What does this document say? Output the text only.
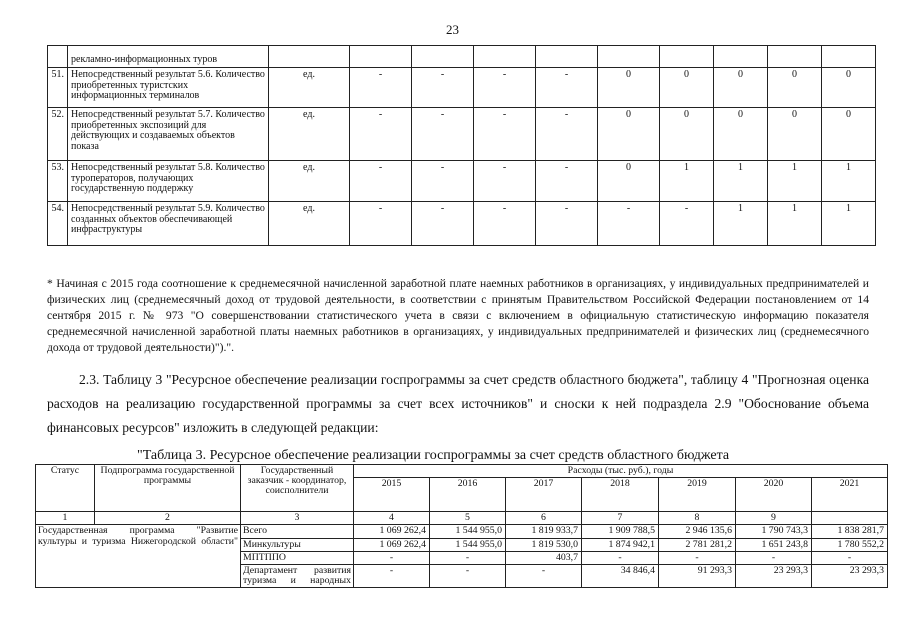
23
	рекламно-информационных туров										
51.	Непосредственный результат 5.6. Количество приобретенных туристских информационных терминалов	ед.	-	-	-	-	0	0	0	0	0
52.	Непосредственный результат 5.7. Количество приобретенных экспозиций для действующих и создаваемых объектов показа	ед.	-	-	-	-	0	0	0	0	0
53.	Непосредственный результат 5.8. Количество туроператоров, получающих государственную поддержку	ед.	-	-	-	-	0	1	1	1	1
54.	Непосредственный результат 5.9. Количество созданных объектов обеспечивающей инфраструктуры	ед.	-	-	-	-	-	-	1	1	1
* Начиная с 2015 года соотношение к среднемесячной начисленной заработной плате наемных работников в организациях, у индивидуальных предпринимателей и физических лиц (среднемесячный доход от трудовой деятельности, в соответствии с принятым Правительством Российской Федерации постановлением от 14 сентября 2015 г. № 973 "О совершенствовании статистического учета в связи с включением в официальную статистическую информацию показателя среднемесячной начисленной заработной платы наемных работников в организациях, у индивидуальных предпринимателей и физических лиц (среднемесячного дохода от трудовой деятельности)").".
2.3. Таблицу 3 "Ресурсное обеспечение реализации госпрограммы за счет средств областного бюджета", таблицу 4 "Прогнозная оценка расходов на реализацию государственной программы за счет всех источников" и сноски к ней подраздела 2.9 "Обоснование объема финансовых ресурсов" изложить в следующей редакции:
"Таблица 3. Ресурсное обеспечение реализации госпрограммы за счет средств областного бюджета
Статус	Подпрограмма государственной программы	Государственный заказчик - координатор, соисполнители	Расходы (тыс. руб.), годы						
			2015	2016	2017	2018	2019	2020	2021
1	2	3	4	5	6	7	8	9	
Государственная программа "Развитие культуры и туризма Нижегородской области"		Всего	1 069 262,4	1 544 955,0	1 819 933,7	1 909 788,5	2 946 135,6	1 790 743,3	1 838 281,7
		Минкультуры	1 069 262,4	1 544 955,0	1 819 530,0	1 874 942,1	2 781 281,2	1 651 243,8	1 780 552,2
		МПТППО	-	-	403,7	-	-	-	-
		Департамент развития туризма и народных	-	-	-	34 846,4	91 293,3	23 293,3	23 293,3
